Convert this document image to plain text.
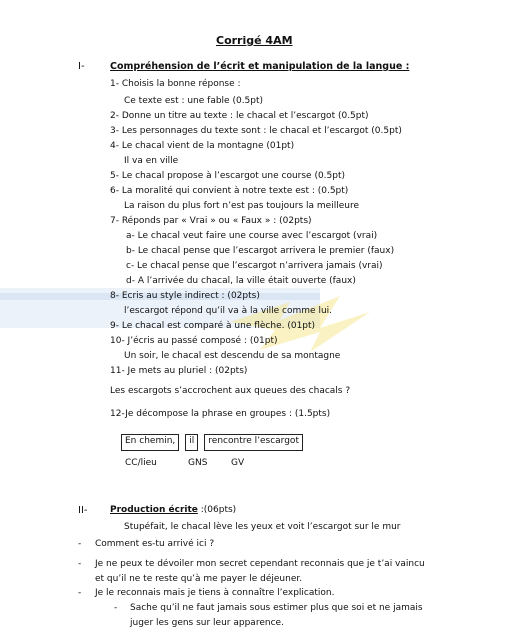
Corrigé 4AM
I-	Compréhension de l’écrit et manipulation de la langue :
1- Choisis la bonne réponse :
Ce texte est : une fable (0.5pt)
2- Donne un titre au texte : le chacal et l’escargot (0.5pt)
3- Les personnages du texte sont : le chacal et l’escargot (0.5pt)
4- Le chacal vient de la montagne (01pt)
Il va en ville
5- Le chacal propose à l’escargot une course (0.5pt)
6- La moralité qui convient à notre texte est : (0.5pt)
La raison du plus fort n’est pas toujours la meilleure
7- Réponds par « Vrai » ou « Faux » : (02pts)
a- Le chacal veut faire une course avec l’escargot (vrai)
b- Le chacal pense que l’escargot arrivera le premier (faux)
c- Le chacal pense que l’escargot n’arrivera jamais (vrai)
d- A l’arrivée du chacal, la ville était ouverte (faux)
8- Ecris au style indirect : (02pts)
l’escargot répond qu’il va à la ville comme lui.
9- Le chacal est comparé à une flèche. (01pt)
10- J’écris au passé composé : (01pt)
Un soir, le chacal est descendu de sa montagne
11- Je mets au pluriel : (02pts)
Les escargots s’accrochent aux queues des chacals ?
12-Je décompose la phrase en groupes : (1.5pts)
En chemin,	il	rencontre l’escargot
CC/lieu	GNS	GV
II- Production écrite :(06pts)
Stupéfait, le chacal lève les yeux et voit l’escargot sur le mur
- Comment es-tu arrivé ici ?
- Je ne peux te dévoiler mon secret cependant reconnais que je t’ai vaincu
et qu’il ne te reste qu’à me payer le déjeuner.
- Je le reconnais mais je tiens à connaître l’explication.
- Sache qu’il ne faut jamais sous estimer plus que soi et ne jamais
juger les gens sur leur apparence.
